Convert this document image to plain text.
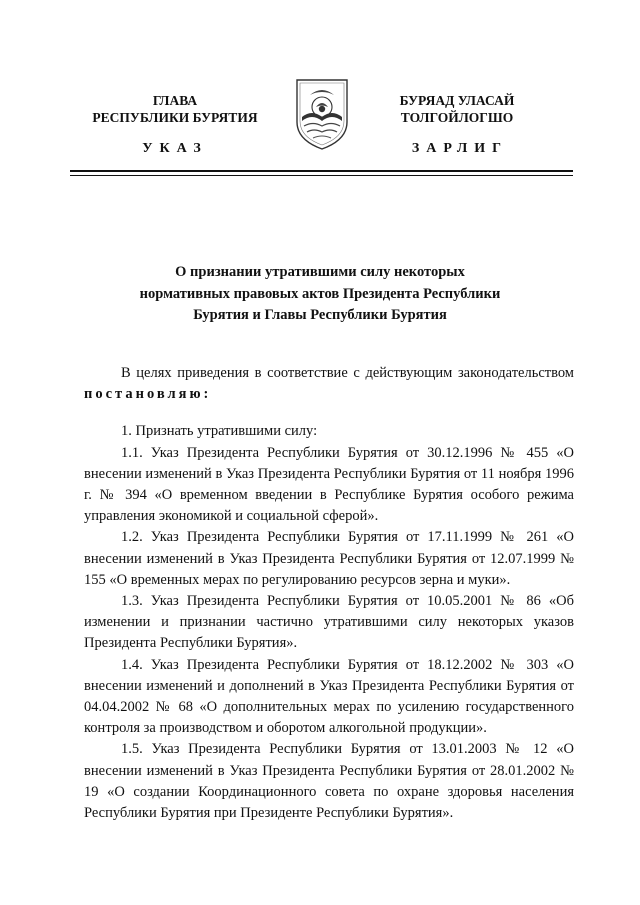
ГЛАВА
РЕСПУБЛИКИ БУРЯТИЯ
УКАЗ
БУРЯАД УЛАСАЙ
ТОЛГОЙЛОГШО
ЗАРЛИГ
О признании утратившими силу некоторых
нормативных правовых актов Президента Республики
Бурятия и Главы Республики Бурятия

В целях приведения в соответствие с действующим законодательством постановляю:

1. Признать утратившими силу:

1.1. Указ Президента Республики Бурятия от 30.12.1996 № 455 «О внесении изменений в Указ Президента Республики Бурятия от 11 ноября 1996 г. № 394 «О временном введении в Республике Бурятия особого режима управления экономикой и социальной сферой».

1.2. Указ Президента Республики Бурятия от 17.11.1999 № 261 «О внесении изменений в Указ Президента Республики Бурятия от 12.07.1999 № 155 «О временных мерах по регулированию ресурсов зерна и муки».

1.3. Указ Президента Республики Бурятия от 10.05.2001 № 86 «Об изменении и признании частично утратившими силу некоторых указов Президента Республики Бурятия».

1.4. Указ Президента Республики Бурятия от 18.12.2002 № 303 «О внесении изменений и дополнений в Указ Президента Республики Бурятия от 04.04.2002 № 68 «О дополнительных мерах по усилению государственного контроля за производством и оборотом алкогольной продукции».

1.5. Указ Президента Республики Бурятия от 13.01.2003 № 12 «О внесении изменений в Указ Президента Республики Бурятия от 28.01.2002 № 19 «О создании Координационного совета по охране здоровья населения Республики Бурятия при Президенте Республики Бурятия».
